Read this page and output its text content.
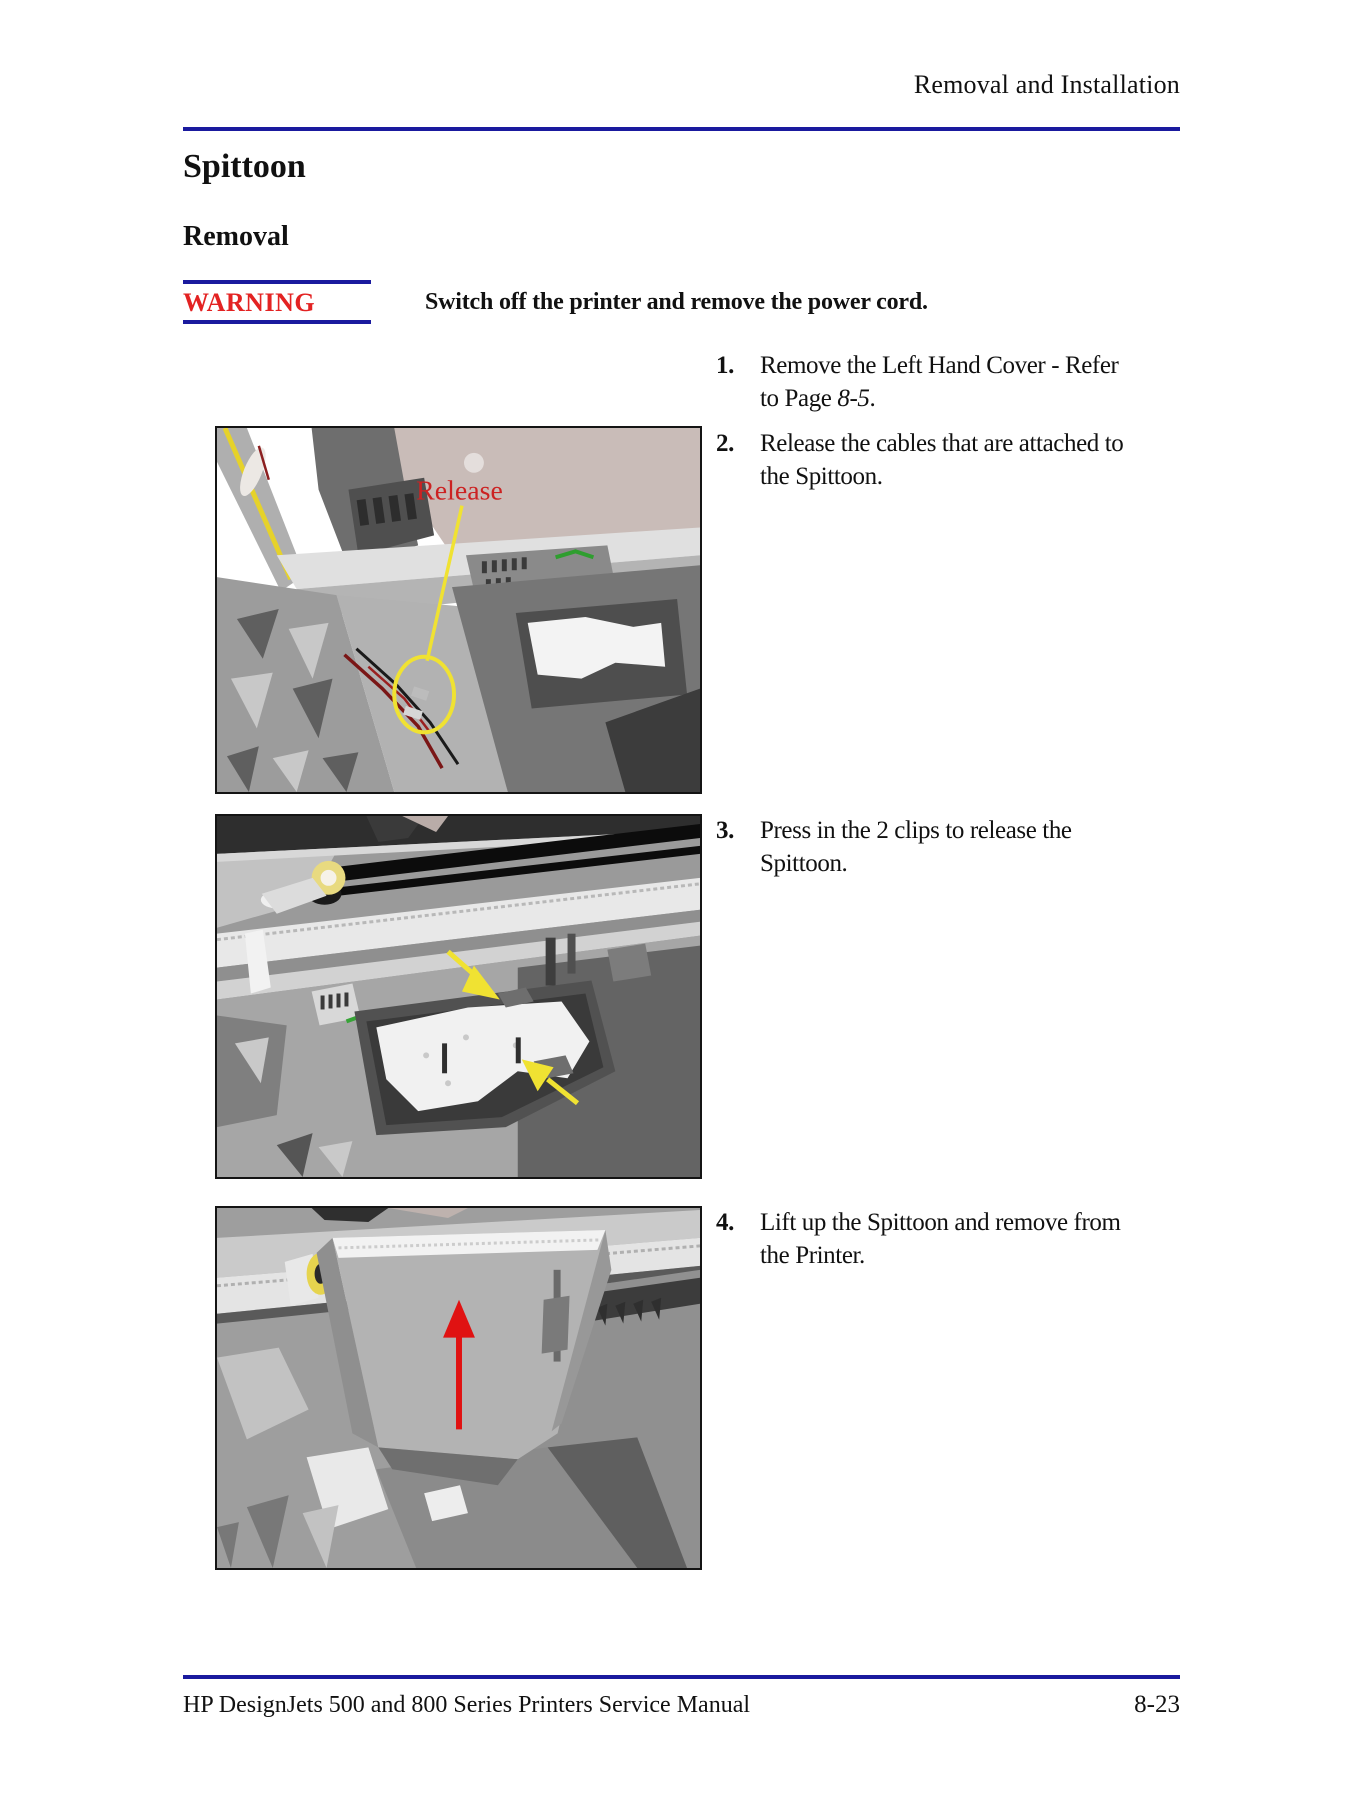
Removal and Installation
Spittoon
Removal
WARNING	Switch off the printer and remove the power cord.
1. Remove the Left Hand Cover - Refer
to Page 8-5.
2. Release the cables that are attached to
the Spittoon.
3. Press in the 2 clips to release the
Spittoon.
4. Lift up the Spittoon and remove from
the Printer.
Release
HP DesignJets 500 and 800 Series Printers Service Manual	8-23
